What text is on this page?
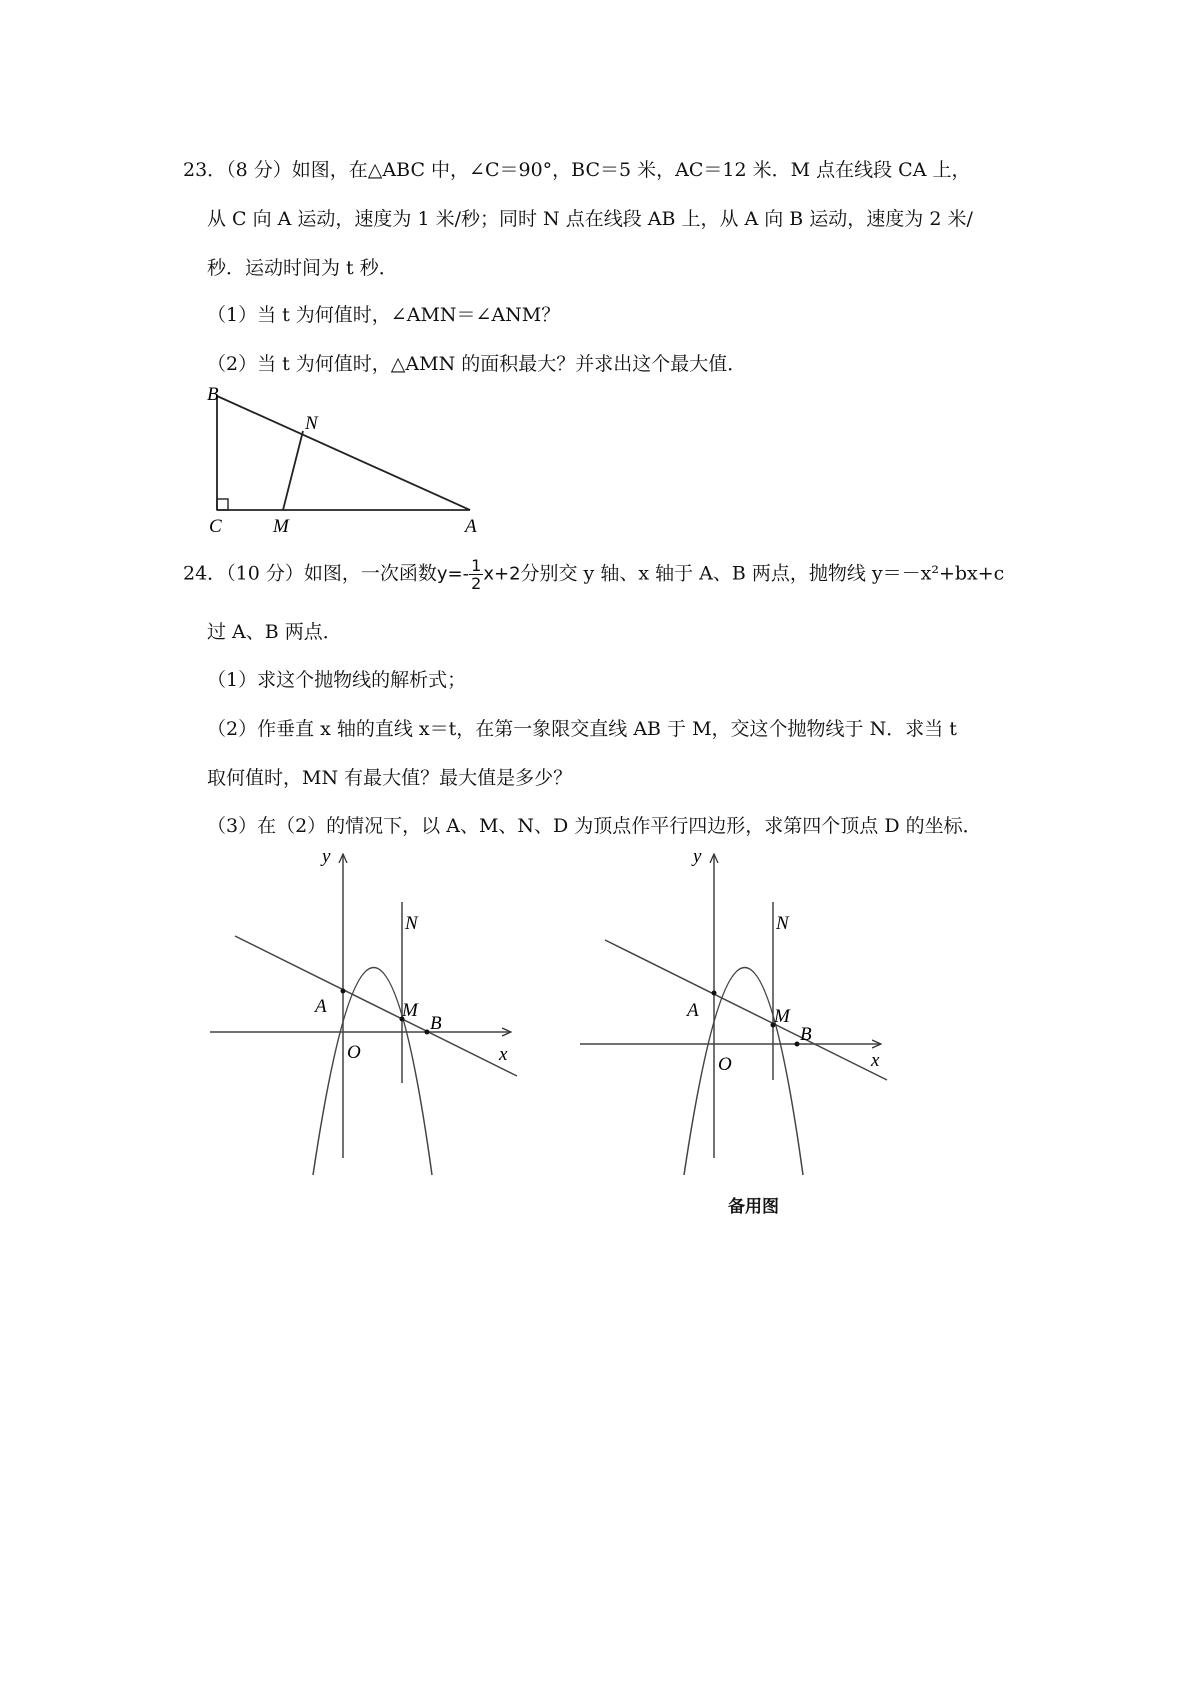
23．（8 分）如图，在△ABC 中，∠C＝90°，BC＝5 米，AC＝12 米．M 点在线段 CA 上，
从 C 向 A 运动，速度为 1 米/秒；同时 N 点在线段 AB 上，从 A 向 B 运动，速度为 2 米/
秒．运动时间为 t 秒．
（1）当 t 为何值时，∠AMN＝∠ANM？
（2）当 t 为何值时，△AMN 的面积最大？并求出这个最大值．
B
N
C	M	A
24．（10 分）如图，一次函数$y=- \frac{1}{2} x+2$分别交 y 轴、x 轴于 A、B 两点，抛物线 y＝－x²+bx+c
过 A、B 两点．
（1）求这个抛物线的解析式；
（2）作垂直 x 轴的直线 x＝t，在第一象限交直线 AB 于 M，交这个抛物线于 N．求当 t
取何值时，MN 有最大值？最大值是多少？
（3）在（2）的情况下，以 A、M、N、D 为顶点作平行四边形，求第四个顶点 D 的坐标．
y
x
O
A
B
M
N
y
x
O
A
B
M
N
备用图
